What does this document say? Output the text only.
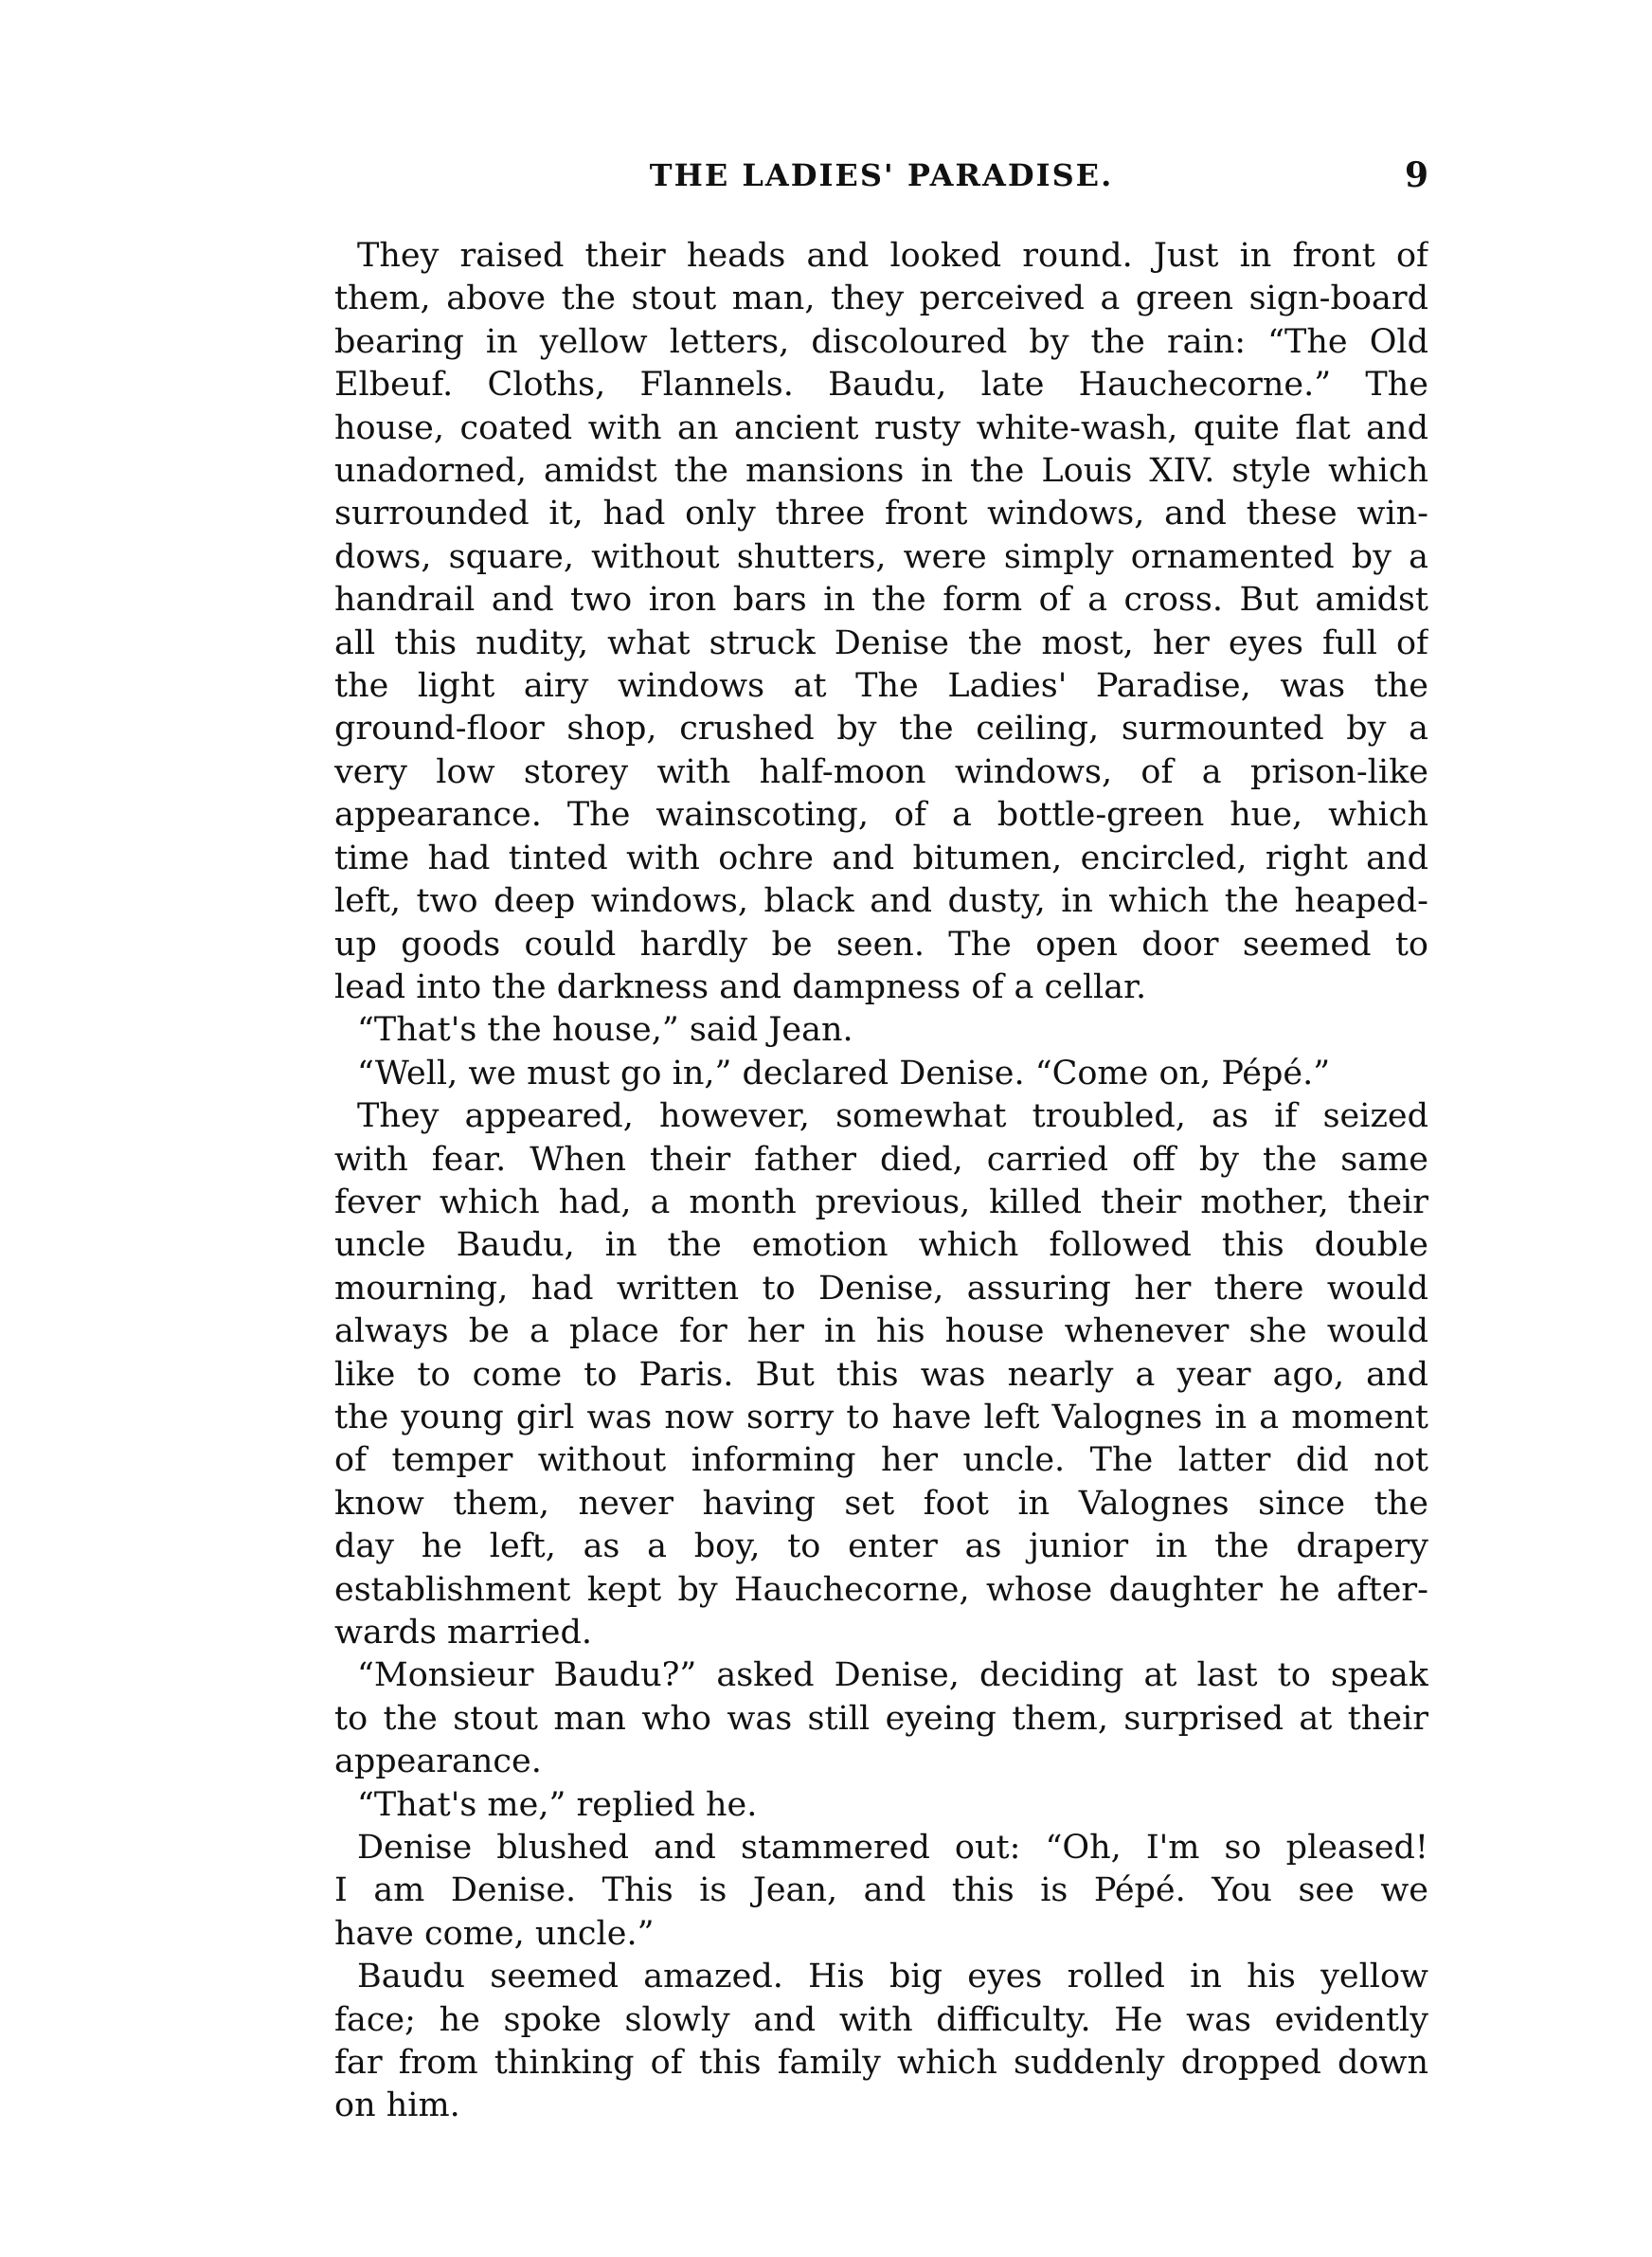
THE LADIES' PARADISE.	9
They raised their heads and looked round. Just in front of
them, above the stout man, they perceived a green sign-board
bearing in yellow letters, discoloured by the rain: “The Old
Elbeuf. Cloths, Flannels. Baudu, late Hauchecorne.” The
house, coated with an ancient rusty white-wash, quite flat and
unadorned, amidst the mansions in the Louis XIV. style which
surrounded it, had only three front windows, and these win-
dows, square, without shutters, were simply ornamented by a
handrail and two iron bars in the form of a cross. But amidst
all this nudity, what struck Denise the most, her eyes full of
the light airy windows at The Ladies' Paradise, was the
ground-floor shop, crushed by the ceiling, surmounted by a
very low storey with half-moon windows, of a prison-like
appearance. The wainscoting, of a bottle-green hue, which
time had tinted with ochre and bitumen, encircled, right and
left, two deep windows, black and dusty, in which the heaped-
up goods could hardly be seen. The open door seemed to
lead into the darkness and dampness of a cellar.
“That's the house,” said Jean.
“Well, we must go in,” declared Denise. “Come on, Pépé.”
They appeared, however, somewhat troubled, as if seized
with fear. When their father died, carried off by the same
fever which had, a month previous, killed their mother, their
uncle Baudu, in the emotion which followed this double
mourning, had written to Denise, assuring her there would
always be a place for her in his house whenever she would
like to come to Paris. But this was nearly a year ago, and
the young girl was now sorry to have left Valognes in a moment
of temper without informing her uncle. The latter did not
know them, never having set foot in Valognes since the
day he left, as a boy, to enter as junior in the drapery
establishment kept by Hauchecorne, whose daughter he after-
wards married.
“Monsieur Baudu?” asked Denise, deciding at last to speak
to the stout man who was still eyeing them, surprised at their
appearance.
“That's me,” replied he.
Denise blushed and stammered out: “Oh, I'm so pleased!
I am Denise. This is Jean, and this is Pépé. You see we
have come, uncle.”
Baudu seemed amazed. His big eyes rolled in his yellow
face; he spoke slowly and with difficulty. He was evidently
far from thinking of this family which suddenly dropped down
on him.
